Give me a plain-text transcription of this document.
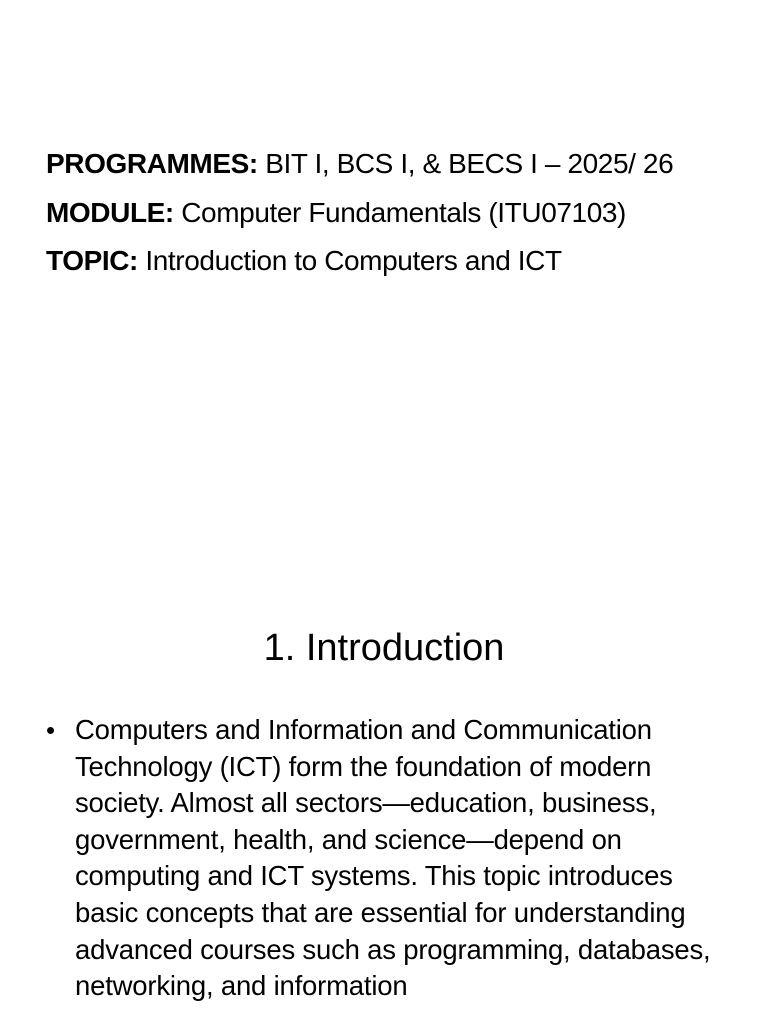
PROGRAMMES: BIT I, BCS I, & BECS I – 2025/ 26
MODULE: Computer Fundamentals (ITU07103)
TOPIC: Introduction to Computers and ICT
1. Introduction
• Computers and Information and Communication Technology (ICT) form the foundation of modern society. Almost all sectors—education, business, government, health, and science—depend on computing and ICT systems. This topic introduces basic concepts that are essential for understanding advanced courses such as programming, databases, networking, and information
